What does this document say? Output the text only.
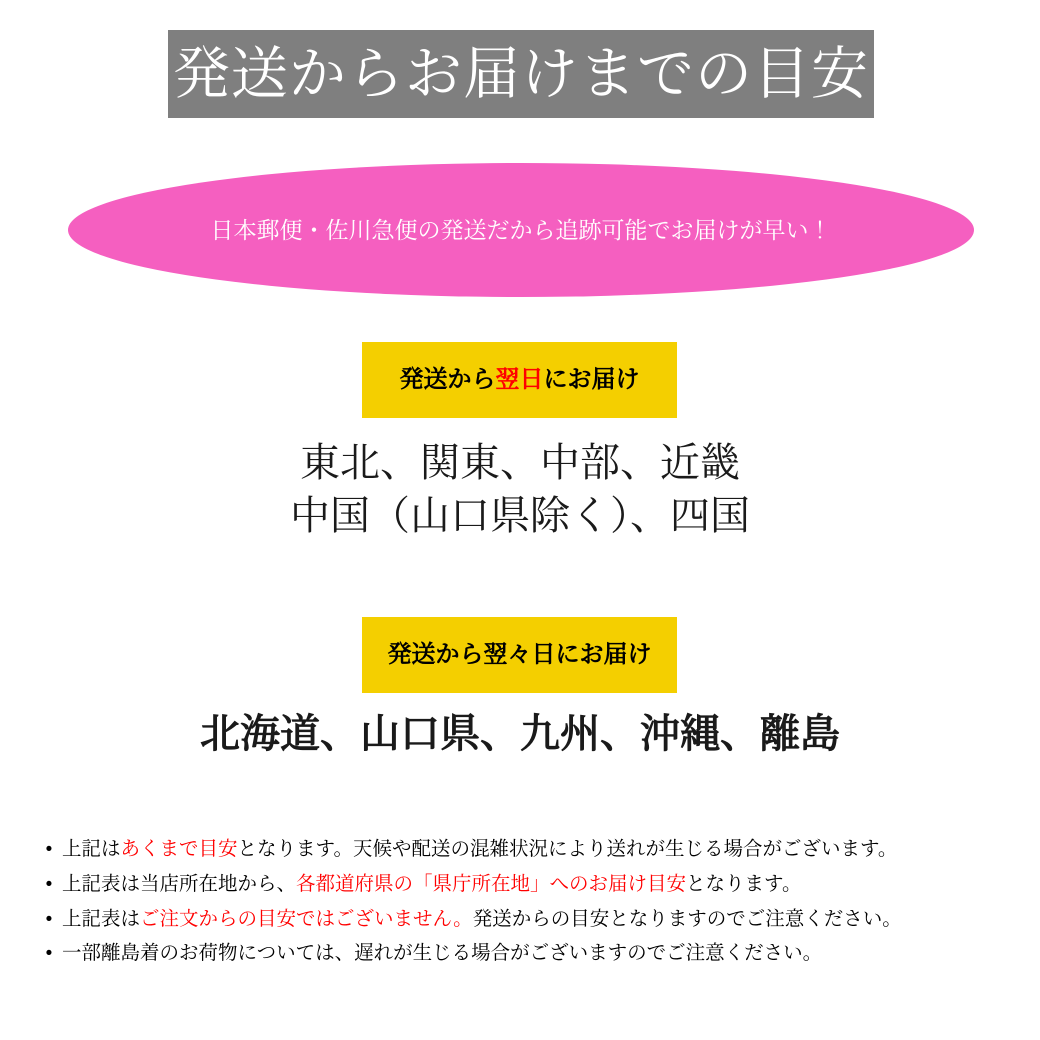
発送からお届けまでの目安
日本郵便・佐川急便の発送だから追跡可能でお届けが早い！
発送から翌日にお届け
東北、関東、中部、近畿
中国（山口県除く）、四国
発送から翌々日にお届け
北海道、山口県、九州、沖縄、離島
• 上記はあくまで目安となります。天候や配送の混雑状況により送れが生じる場合がございます。
• 上記表は当店所在地から、各都道府県の「県庁所在地」へのお届け目安となります。
• 上記表はご注文からの目安ではございません。発送からの目安となりますのでご注意ください。
• 一部離島着のお荷物については、遅れが生じる場合がございますのでご注意ください。
